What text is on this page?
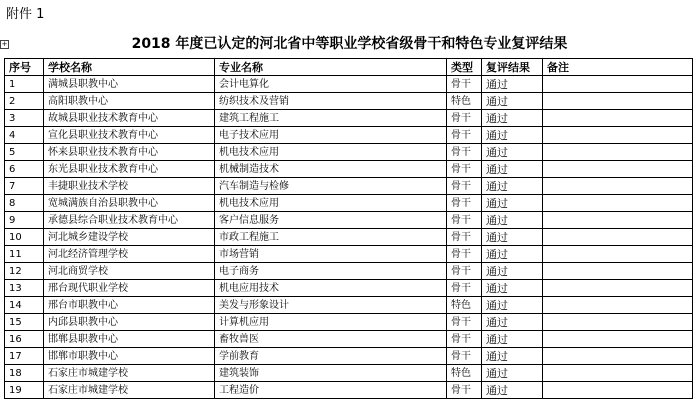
附件 1
+	2018 年度已认定的河北省中等职业学校省级骨干和特色专业复评结果
序号	学校名称	专业名称	类型	复评结果	备注
1	满城县职教中心	会计电算化	骨干	通过	
2	高阳职教中心	纺织技术及营销	特色	通过	
3	故城县职业技术教育中心	建筑工程施工	骨干	通过	
4	宣化县职业技术教育中心	电子技术应用	骨干	通过	
5	怀来县职业技术教育中心	机电技术应用	骨干	通过	
6	东光县职业技术教育中心	机械制造技术	骨干	通过	
7	丰捷职业技术学校	汽车制造与检修	骨干	通过	
8	宽城满族自治县职教中心	机电技术应用	骨干	通过	
9	承德县综合职业技术教育中心	客户信息服务	骨干	通过	
10	河北城乡建设学校	市政工程施工	骨干	通过	
11	河北经济管理学校	市场营销	骨干	通过	
12	河北商贸学校	电子商务	骨干	通过	
13	邢台现代职业学校	机电应用技术	骨干	通过	
14	邢台市职教中心	美发与形象设计	特色	通过	
15	内邱县职教中心	计算机应用	骨干	通过	
16	邯郸县职教中心	畜牧兽医	骨干	通过	
17	邯郸市职教中心	学前教育	骨干	通过	
18	石家庄市城建学校	建筑装饰	特色	通过	
19	石家庄市城建学校	工程造价	骨干	通过	
